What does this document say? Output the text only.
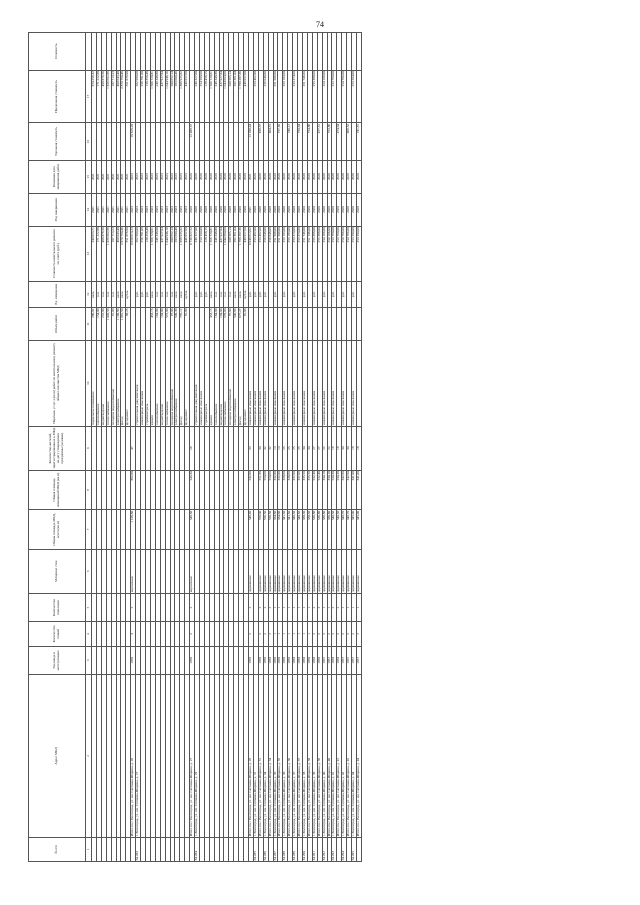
74
№ п/п	Адрес МКД	Год ввода в эксплуатацию	Количество этажей	Количество подъездов	Материал стен	Общая площадь МКД, всего (кв.м)	Общая площадь помещений МКД (кв.м)	Количество жителей, зарегистрированных в МКД на дату утверждения программы (человек)	Перечень услуг и (или) работ по капитальному ремонту общего имущества МКД	Объем работ	Ед. измерения	Стоимость капитального ремонта по смете (руб.)	Год завершения	Плановая дата завершения работ	Удельная стоимость	Предельная стоимость	Стоимость
1	2	3	4	5	6	7	8	9	10	11	12	13	14	15	16	17	
									подвальное помещение	286,82	кв.м.	340 023,71	2021	2021		674 256,32	
									газоснабжение	154,00	п.м.	171 222,88	2021	2021		171 222,88	
									водоотведение	231,00	п.м.	498 876,56	2021	2021		498 876,56	
									теплоснабжение	1 003,50	п.м.	1 826 692,89	2021	2021		1 826 692,89	
									холодное водоснабжение	91,00	п.м.	107 713,23	2021	2021		107 713,23	
									электроснабжение	1 109,80	кв.м.	460 643,40	2021	2021		460 643,40	
									фасад	1 091,50	кв.м.	2 870 790,46	2021	2021		2 870 790,46	
									фундамент	98,25	куб.м.	551 076,90	2021	2021		551 076,90	
	Итого по г. Волгоград, ул. им. Сатпаева-Шорина, д. 26	1950	3	2	кирпичные	1 109,80	892,80	47				9 650 613,23	2023	2023	10 819,28		
34.283	г. Волгоград, ул. им. Сатпаева-Шорина, д. 27								строительная документация		руб.	262 980,00	2023	2023		262 980,00	
									инженерные изыскания		руб.	256 781,00	2023	2023		256 781,00	
									стройконтроль		руб.	130 358,48	2023	2023		130 358,48	
									кровля	453,15	кв.м.	1 566 720,81	2023	2023		1 566 720,81	
									газоснабжение	164,00	п.м.	249 348,88	2023	2023		249 348,88	
									водоотведение	194,00	п.м.	437 927,84	2023	2023		437 927,84	
									теплоснабжение	572,00	п.м.	1 044 946,16	2023	2023		1 044 946,16	
									холодное водоснабжение	97,00	п.м.	200 652,14	2023	2023		200 652,14	
									электроснабжение	549,30	кв.м.	283 600,49	2023	2023		283 600,49	
									фасад	795,12	кв.м.	1 888 935,82	2023	2023		1 888 935,82	
									фундамент	81,00	куб.м.	449 057,60	2023	2023		449 057,60	
	Итого по г. Волгоград, ул. им. Сатпаева-Шорина, д. 27	1958	2	2	кирпичные	549,30	543,30	26				6 739 827,22	2020	2020	12 489,57		
34.284	г. Волгоград, ул. им. Сатпаева-Шорина, д. 29								строительная документация		руб.	249 327,00	2020	2020		249 327,00	
									инженерные изыскания		руб.	254 500,00	2020	2020		254 500,00	
									стройконтроль		руб.	128 458,15	2020	2020		128 458,15	
									кровля	453,15	кв.м.	1 566 720,81	2020	2020		1 566 720,81	
									газоснабжение	164,00	п.м.	249 348,88	2020	2020		249 348,88	
									водоотведение	194,00	п.м.	437 927,84	2020	2020		437 927,84	
									теплоснабжение	570,00	п.м.	1 044 694,60	2020	2020		1 044 694,60	
									холодное водоснабжение	97,00	п.м.	200 565,14	2020	2020		200 565,14	
									электроснабжение	546,90	кв.м.	282 361,04	2020	2020		282 361,04	
									фасад	677,27	кв.м.	1 798 287,36	2020	2020		1 798 287,36	
									фундамент	81,00	куб.м.	449 057,60	2020	2020		449 057,60	
	Итого по г. Волгоград, ул. им. Сатпаева-Шорина, д. 29	1958	2	2	деревянные	546,90	542,00	33	инженерные изыскания		руб.	6 648 613,62	2021	2021	12 206,44		
34.285	г. Волгоград, ул. им. Сатпаева-Шорина, д. 31								инженерные изыскания		руб.	253 492,00	2020	2020		253 492,00	
	Итого по г. Волгоград, ул. им. Сатпаева-Шорина, д. 31	1958	2	2	деревянные	558,00	551,80	34	инженерные изыскания		руб.	253 492,00	2020	2020	459,37		
34.286	г. Волгоград, ул. им. Сатпаева-Шорина, д. 34	1958	2	2	деревянные	556,50	550,60	32	инженерные изыскания		руб.	256 648,00	2020	2020		256 648,00	
	Итого по г. Волгоград, ул. им. Сатпаева-Шорина, д. 34	1958	2	2	деревянные	556,50	550,60	32				256 648,00	2020	2020	464,31		
34.287	г. Волгоград, ул. им. Сатпаева-Шорина, д. 35	1958	1	1	деревянные	334,60	332,00	13	инженерные изыскания		руб.	251 509,00	2020	2020		251 509,00	
	Итого по г. Волгоград, ул. им. Сатпаева-Шорина, д. 35	1958	1	1	деревянные	334,60	332,00	13				251 509,00	2020	2020	757,56		
34.288	г. Волгоград, ул. им. Сатпаева-Шорина, д. 36	1958	1	1	деревянные	341,50	338,60	25	инженерные изыскания		руб.	253 183,00	2020	2020		253 183,00	
	Итого по г. Волгоград, ул. им. Сатпаева-Шорина, д. 36	1958	1	1	деревянные	341,50	338,60	25				253 183,00	2020	2020	748,12		
34.289	г. Волгоград, ул. им. Сатпаева-Шорина, д. 37	1958	1	1	деревянные	340,50	337,00	25	инженерные изыскания		руб.	253 374,00	2020	2020		253 374,00	
	Итого по г. Волгоград, ул. им. Сатпаева-Шорина, д. 37	1958	1	1	деревянные	340,50	337,00	25				253 374,00	2020	2020	750,64		
34.290	г. Волгоград, ул. им. Сатпаева-Шорина, д. 38	1958	1	1	деревянные	338,30	335,50	34	инженерные изыскания		руб.	251 746,00	2020	2020		251 746,00	
	Итого по г. Волгоград, ул. им. Сатпаева-Шорина, д. 38	1958	1	1	деревянные	338,30	335,50	34				251 746,00	2020	2020	754,86		
34.291	г. Волгоград, ул. им. Сатпаева-Шорина, д. 39	1958	2	2	деревянные	536,80	532,40	27	инженерные изыскания		руб.	255 388,00	2020	2020		255 388,00	
	Итого по г. Волгоград, ул. им. Сатпаева-Шорина, д. 39	1958	2	2	деревянные	536,80	532,40	27				255 388,00	2020	2020	477,51		
34.292	г. Волгоград, ул. им. Сатпаева-Шорина, д. 40	1957	2	1	деревянные	339,80	334,10	22	инженерные изыскания		руб.	254 166,00	2020	2020		254 166,00	
	Итого по г. Волгоград, ул. им. Сатпаева-Шорина, д. 40	1957	2	1	деревянные	339,80	334,10	22				254 166,00	2020	2020	753,86		
34.293	г. Волгоград, ул. им. Сатпаева-Шорина, д. 41	1958	2	2	деревянные	540,50	534,30	19	инженерные изыскания		руб.	253 790,00	2020	2020		253 790,00	
	Итого по г. Волгоград, ул. им. Сатпаева-Шорина, д. 41	1958	2	2	деревянные	540,50	534,30	19				253 790,00	2020	2020	474,64		
34.294	г. Волгоград, ул. им. Сатпаева-Шорина, д. 42	1957	2	1	деревянные	348,70	342,90	34	инженерные изыскания		руб.	254 766,00	2020	2020		254 766,00	
	Итого по г. Волгоград, ул. им. Сатпаева-Шорина, д. 42	1957	2	1	деревянные	348,70	342,90	34				254 766,00	2020	2020	469,52		
34.295	г. Волгоград, ул. им. Сатпаева-Шорина, д. 44	1957	2	1	деревянные	345,00	341,00	18	инженерные изыскания		руб.	253 284,00	2020	2020		253 284,00	
	Итого по г. Волгоград, ул. им. Сатпаева-Шорина, д. 44	1957	2	1	деревянные	345,00	341,00	18				253 284,00	2020	2020	741,81		
